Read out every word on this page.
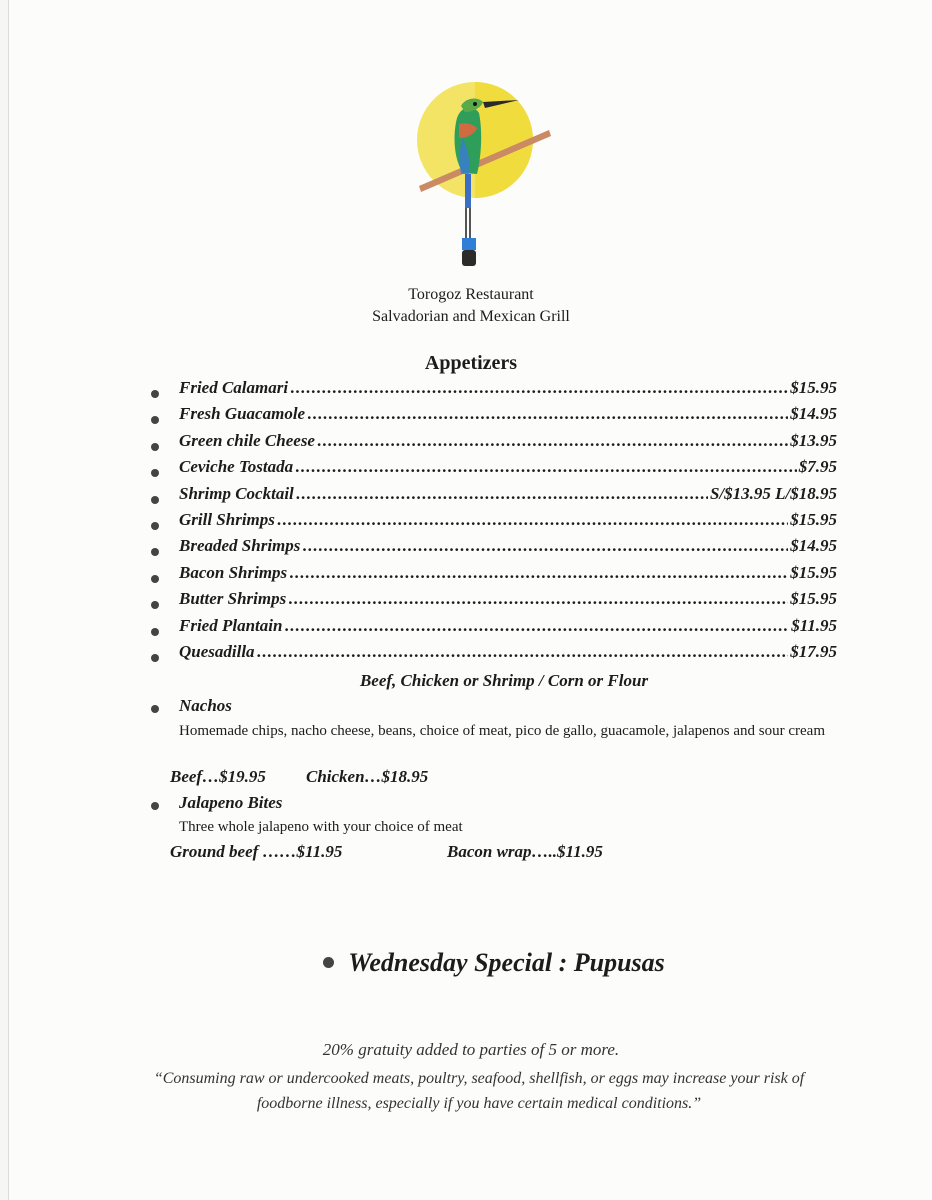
Torogoz Restaurant
Salvadorian and Mexican Grill
Appetizers
Fried Calamari .....	$15.95
Fresh Guacamole .....	$14.95
Green chile Cheese .....	$13.95
Ceviche Tostada .....	$7.95
Shrimp Cocktail .....	S/$13.95 L/$18.95
Grill Shrimps .....	$15.95
Breaded Shrimps .....	$14.95
Bacon Shrimps .....	$15.95
Butter Shrimps .....	$15.95
Fried Plantain .....	$11.95
Quesadilla .....	$17.95
Beef, Chicken or Shrimp / Corn or Flour
Nachos
Homemade chips, nacho cheese, beans, choice of meat, pico de gallo, guacamole, jalapenos and sour cream
Beef…$19.95 Chicken…$18.95
Jalapeno Bites
Three whole jalapeno with your choice of meat
Ground beef ……$11.95	Bacon wrap…..$11.95
Wednesday Special : Pupusas
20% gratuity added to parties of 5 or more.
“Consuming raw or undercooked meats, poultry, seafood, shellfish, or eggs may increase your risk of foodborne illness, especially if you have certain medical conditions.”
